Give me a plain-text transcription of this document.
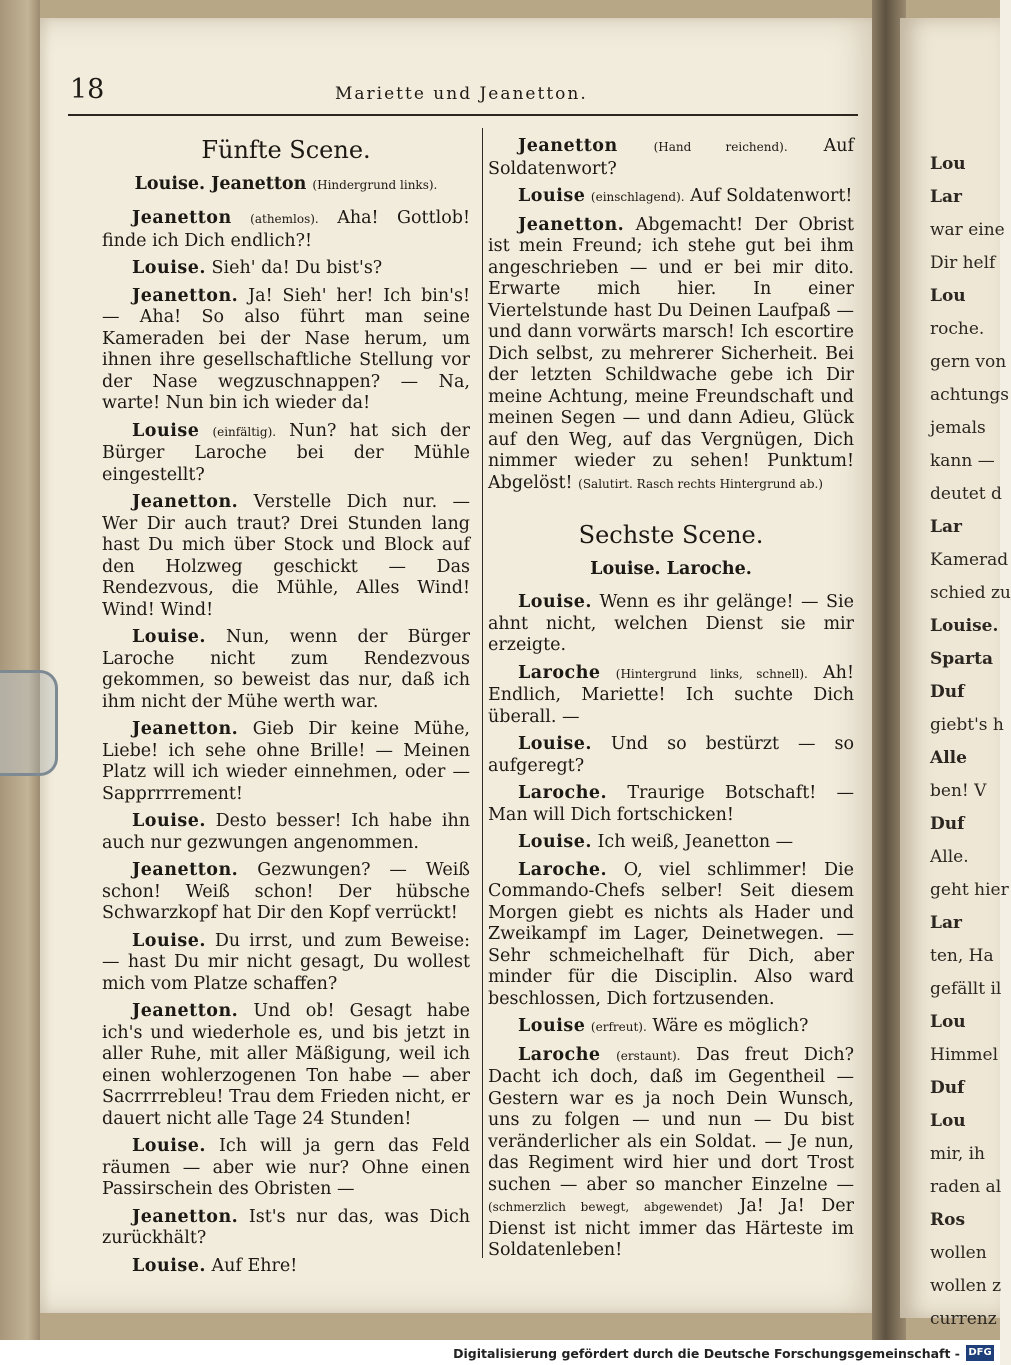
Lou
Lar
war eine
Dir helf
Lou
roche.
gern von
achtungs
jemals
kann —
deutet d
Lar
Kamerad
schied zu
Louise.
Sparta
Duf
giebt's h
Alle
ben! V
Duf
Alle.
geht hier
Lar
ten, Ha
gefällt il
Lou
Himmel
Duf
Lou
mir, ih
raden al
Ros
wollen
wollen z
currenz
18	Mariette und Jeanetton.
Fünfte Scene.
Louise. Jeanetton (Hindergrund links).
Jeanetton (athemlos). Aha! Gottlob! finde ich Dich endlich?!
Louise. Sieh' da! Du bist's?
Jeanetton. Ja! Sieh' her! Ich bin's! — Aha! So also führt man seine Kameraden bei der Nase herum, um ihnen ihre gesellschaftliche Stellung vor der Nase wegzuschnappen? — Na, warte! Nun bin ich wieder da!
Louise (einfältig). Nun? hat sich der Bürger Laroche bei der Mühle eingestellt?
Jeanetton. Verstelle Dich nur. — Wer Dir auch traut? Drei Stunden lang hast Du mich über Stock und Block auf den Holzweg geschickt — Das Rendezvous, die Mühle, Alles Wind! Wind! Wind!
Louise. Nun, wenn der Bürger Laroche nicht zum Rendezvous gekommen, so beweist das nur, daß ich ihm nicht der Mühe werth war.
Jeanetton. Gieb Dir keine Mühe, Liebe! ich sehe ohne Brille! — Meinen Platz will ich wieder einnehmen, oder — Sapprrrrement!
Louise. Desto besser! Ich habe ihn auch nur gezwungen angenommen.
Jeanetton. Gezwungen? — Weiß schon! Weiß schon! Der hübsche Schwarzkopf hat Dir den Kopf verrückt!
Louise. Du irrst, und zum Beweise: — hast Du mir nicht gesagt, Du wollest mich vom Platze schaffen?
Jeanetton. Und ob! Gesagt habe ich's und wiederhole es, und bis jetzt in aller Ruhe, mit aller Mäßigung, weil ich einen wohlerzogenen Ton habe — aber Sacrrrrebleu! Trau dem Frieden nicht, er dauert nicht alle Tage 24 Stunden!
Louise. Ich will ja gern das Feld räumen — aber wie nur? Ohne einen Passirschein des Obristen —
Jeanetton. Ist's nur das, was Dich zurückhält?
Louise. Auf Ehre!
Jeanetton	(Hand reichend). Auf Soldatenwort?
Louise (einschlagend). Auf Soldatenwort!
Jeanetton. Abgemacht! Der Obrist ist mein Freund; ich stehe gut bei ihm angeschrieben — und er bei mir dito. Erwarte mich hier. In einer Viertelstunde hast Du Deinen Laufpaß — und dann vorwärts marsch! Ich escortire Dich selbst, zu mehrerer Sicherheit. Bei der letzten Schildwache gebe ich Dir meine Achtung, meine Freundschaft und meinen Segen — und dann Adieu, Glück auf den Weg, auf das Vergnügen, Dich nimmer wieder zu sehen! Punktum! Abgelöst! (Salutirt. Rasch rechts Hintergrund ab.)
Sechste Scene.
Louise. Laroche.
Louise. Wenn es ihr gelänge! — Sie ahnt nicht, welchen Dienst sie mir erzeigte.
Laroche (Hintergrund links, schnell). Ah! Endlich, Mariette! Ich suchte Dich überall. —
Louise. Und so bestürzt — so aufgeregt?
Laroche. Traurige Botschaft! — Man will Dich fortschicken!
Louise. Ich weiß, Jeanetton —
Laroche. O, viel schlimmer! Die Commando-Chefs selber! Seit diesem Morgen giebt es nichts als Hader und Zweikampf im Lager, Deinetwegen. — Sehr schmeichelhaft für Dich, aber minder für die Disciplin. Also ward beschlossen, Dich fortzusenden.
Louise (erfreut). Wäre es möglich?
Laroche (erstaunt). Das freut Dich? Dacht ich doch, daß im Gegentheil — Gestern war es ja noch Dein Wunsch, uns zu folgen — und nun — Du bist veränderlicher als ein Soldat. — Je nun, das Regiment wird hier und dort Trost suchen — aber so mancher Einzelne — (schmerzlich bewegt, abgewendet) Ja! Ja! Der Dienst ist nicht immer das Härteste im Soldatenleben!
Digitalisierung gefördert durch die Deutsche Forschungsgemeinschaft - DFG
